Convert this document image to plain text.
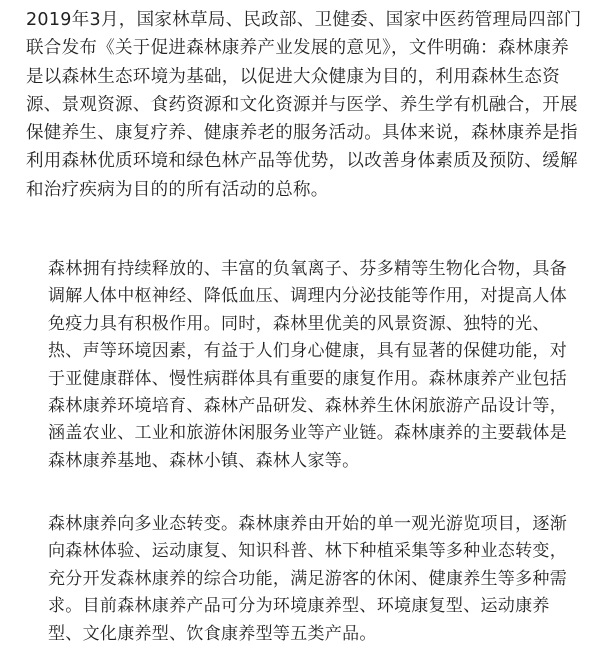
2019年3月，国家林草局、民政部、卫健委、国家中医药管理局四部门联合发布《关于促进森林康养产业发展的意见》，文件明确：森林康养是以森林生态环境为基础，以促进大众健康为目的，利用森林生态资源、景观资源、食药资源和文化资源并与医学、养生学有机融合，开展保健养生、康复疗养、健康养老的服务活动。具体来说，森林康养是指利用森林优质环境和绿色林产品等优势，以改善身体素质及预防、缓解和治疗疾病为目的的所有活动的总称。

森林拥有持续释放的、丰富的负氧离子、芬多精等生物化合物，具备调解人体中枢神经、降低血压、调理内分泌技能等作用，对提高人体免疫力具有积极作用。同时，森林里优美的风景资源、独特的光、热、声等环境因素，有益于人们身心健康，具有显著的保健功能，对于亚健康群体、慢性病群体具有重要的康复作用。森林康养产业包括森林康养环境培育、森林产品研发、森林养生休闲旅游产品设计等，涵盖农业、工业和旅游休闲服务业等产业链。森林康养的主要载体是森林康养基地、森林小镇、森林人家等。

森林康养向多业态转变。森林康养由开始的单一观光游览项目，逐渐向森林体验、运动康复、知识科普、林下种植采集等多种业态转变，充分开发森林康养的综合功能，满足游客的休闲、健康养生等多种需求。目前森林康养产品可分为环境康养型、环境康复型、运动康养型、文化康养型、饮食康养型等五类产品。
